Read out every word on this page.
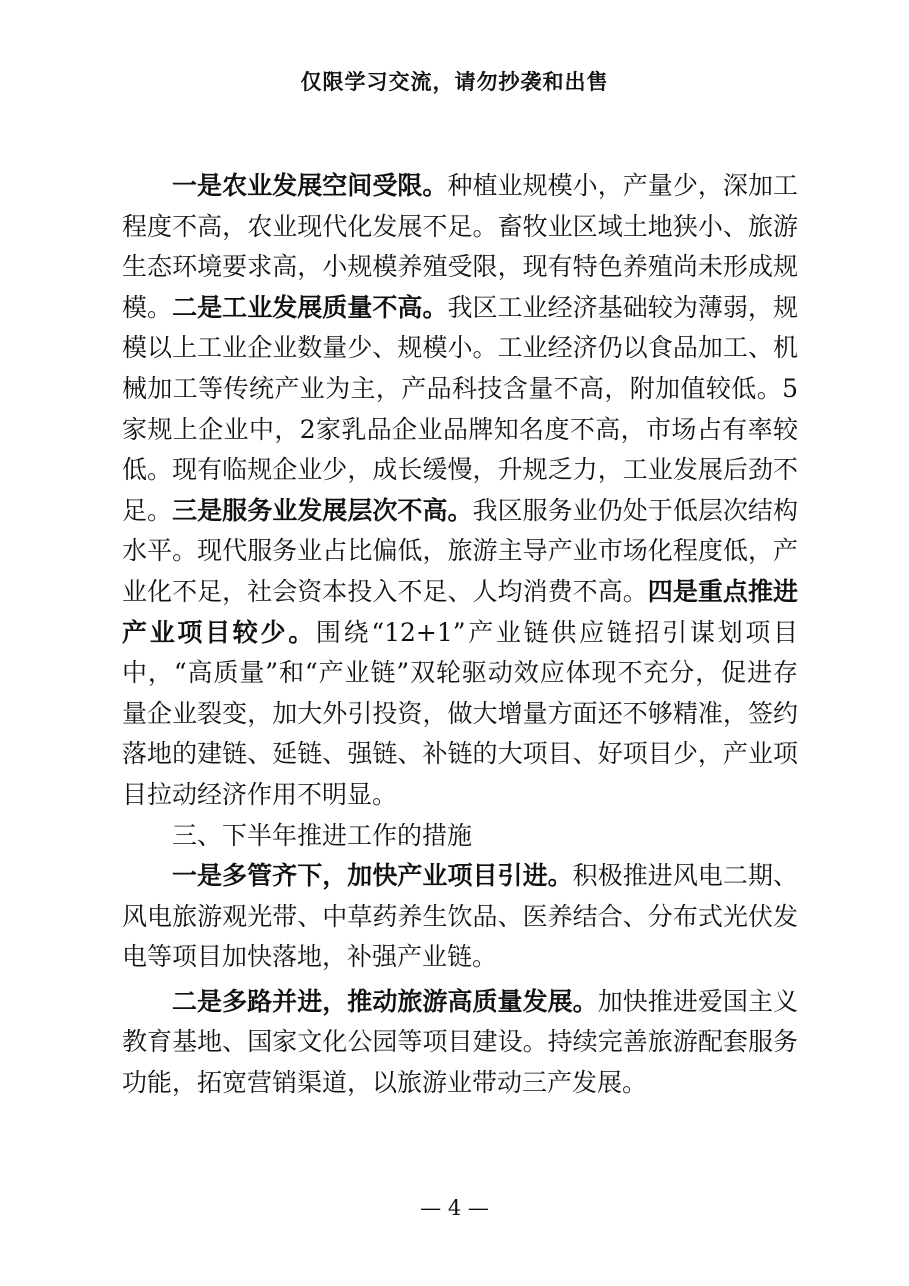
仅限学习交流，请勿抄袭和出售

一是农业发展空间受限。种植业规模小，产量少，深加工程度不高，农业现代化发展不足。畜牧业区域土地狭小、旅游生态环境要求高，小规模养殖受限，现有特色养殖尚未形成规模。二是工业发展质量不高。我区工业经济基础较为薄弱，规模以上工业企业数量少、规模小。工业经济仍以食品加工、机械加工等传统产业为主，产品科技含量不高，附加值较低。5家规上企业中，2家乳品企业品牌知名度不高，市场占有率较低。现有临规企业少，成长缓慢，升规乏力，工业发展后劲不足。三是服务业发展层次不高。我区服务业仍处于低层次结构水平。现代服务业占比偏低，旅游主导产业市场化程度低，产业化不足，社会资本投入不足、人均消费不高。四是重点推进产业项目较少。围绕“12+1”产业链供应链招引谋划项目中，“高质量”和“产业链”双轮驱动效应体现不充分，促进存量企业裂变，加大外引投资，做大增量方面还不够精准，签约落地的建链、延链、强链、补链的大项目、好项目少，产业项目拉动经济作用不明显。

三、下半年推进工作的措施

一是多管齐下，加快产业项目引进。积极推进风电二期、风电旅游观光带、中草药养生饮品、医养结合、分布式光伏发电等项目加快落地，补强产业链。

二是多路并进，推动旅游高质量发展。加快推进爱国主义教育基地、国家文化公园等项目建设。持续完善旅游配套服务功能，拓宽营销渠道，以旅游业带动三产发展。

— 4 —
